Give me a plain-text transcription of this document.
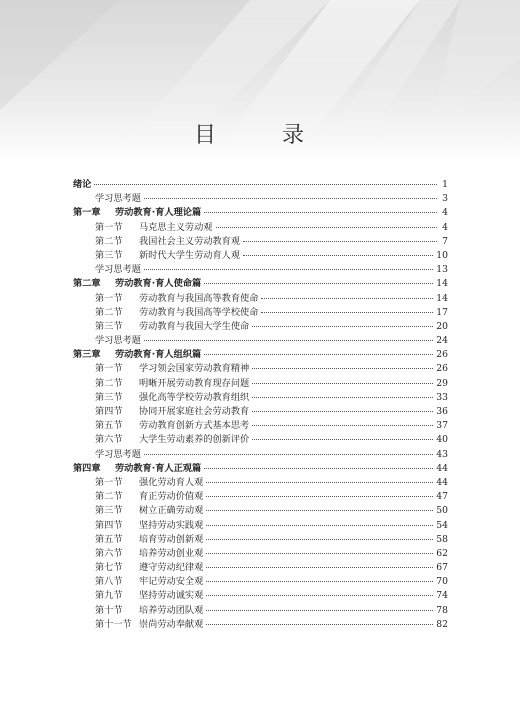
目　录
绪论	1
学习思考题	3
第一章	劳动教育·育人理论篇	4
第一节	马克思主义劳动观	4
第二节	我国社会主义劳动教育观	7
第三节	新时代大学生劳动育人观	10
学习思考题	13
第二章	劳动教育·育人使命篇	14
第一节	劳动教育与我国高等教育使命	14
第二节	劳动教育与我国高等学校使命	17
第三节	劳动教育与我国大学生使命	20
学习思考题	24
第三章	劳动教育·育人组织篇	26
第一节	学习领会国家劳动教育精神	26
第二节	明晰开展劳动教育现存问题	29
第三节	强化高等学校劳动教育组织	33
第四节	协同开展家庭社会劳动教育	36
第五节	劳动教育创新方式基本思考	37
第六节	大学生劳动素养的创新评价	40
学习思考题	43
第四章	劳动教育·育人正观篇	44
第一节	强化劳动育人观	44
第二节	育正劳动价值观	47
第三节	树立正确劳动观	50
第四节	坚持劳动实践观	54
第五节	培育劳动创新观	58
第六节	培养劳动创业观	62
第七节	遵守劳动纪律观	67
第八节	牢记劳动安全观	70
第九节	坚持劳动诚实观	74
第十节	培养劳动团队观	78
第十一节 崇尚劳动奉献观	82
